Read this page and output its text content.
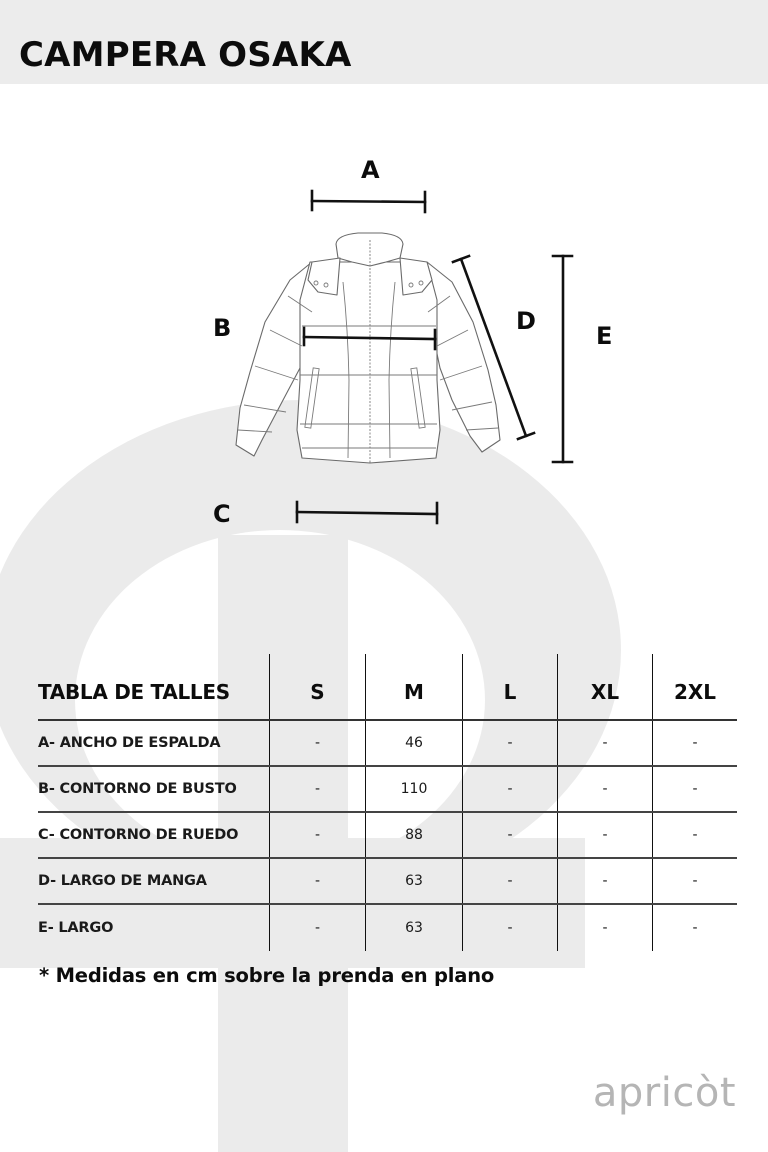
CAMPERA OSAKA
A
B
C
D
E
TABLA DE TALLES	S	M	L	XL	2XL
A- ANCHO DE ESPALDA	-	46	-	-	-
B- CONTORNO DE BUSTO	-	110	-	-	-
C- CONTORNO DE RUEDO	-	88	-	-	-
D- LARGO DE MANGA	-	63	-	-	-
E- LARGO	-	63	-	-	-
* Medidas en cm sobre la prenda en plano
apricòt
